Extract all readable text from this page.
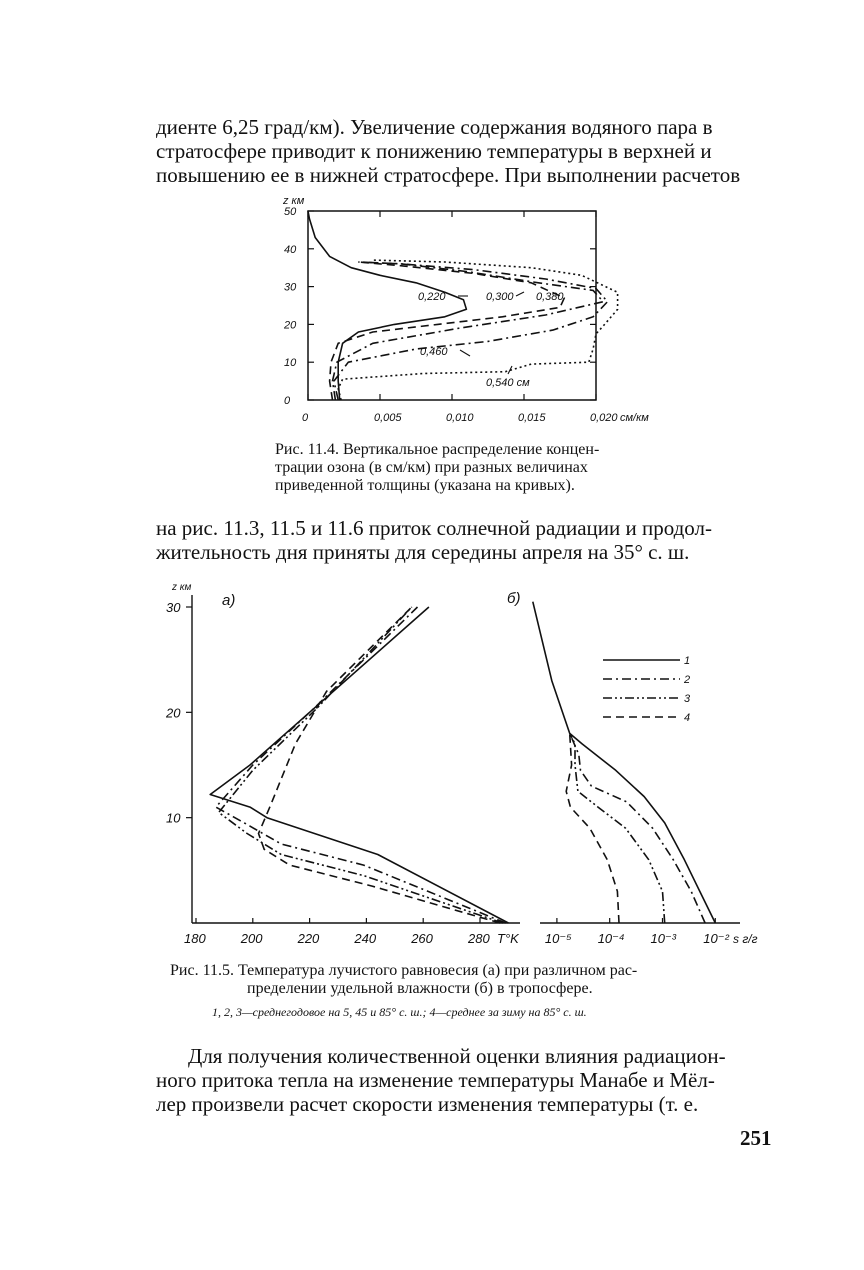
диенте 6,25 град/км). Увеличение содержания водяного пара в
стратосфере приводит к понижению температуры в верхней и
повышению ее в нижней стратосфере. При выполнении расчетов
0
10
20
30
40
50
0	0,005	0,010	0,015	0,020
z км
см/км
0,220	0,300 0,380
0,460
0,540 см
Рис. 11.4. Вертикальное распределение концен-
трации озона (в см/км) при разных величинах
приведенной толщины (указана на кривых).
на рис. 11.3, 11.5 и 11.6 приток солнечной радиации и продол-
жительность дня приняты для середины апреля на 35° с. ш.
10
20
30
180	200	220	240	260	280 T°K
z км
а)
10⁻⁵ 10⁻⁴ 10⁻³ 10⁻² s г/г
б)
1
2
3
4
Рис. 11.5. Температура лучистого равновесия (а) при различном рас-
пределении удельной влажности (б) в тропосфере.
1, 2, 3—среднегодовое на 5, 45 и 85° с. ш.; 4—среднее за зиму на 85° с. ш.
Для получения количественной оценки влияния радиацион-
ного притока тепла на изменение температуры Манабе и Мёл-
лер произвели расчет скорости изменения температуры (т. е.
251
